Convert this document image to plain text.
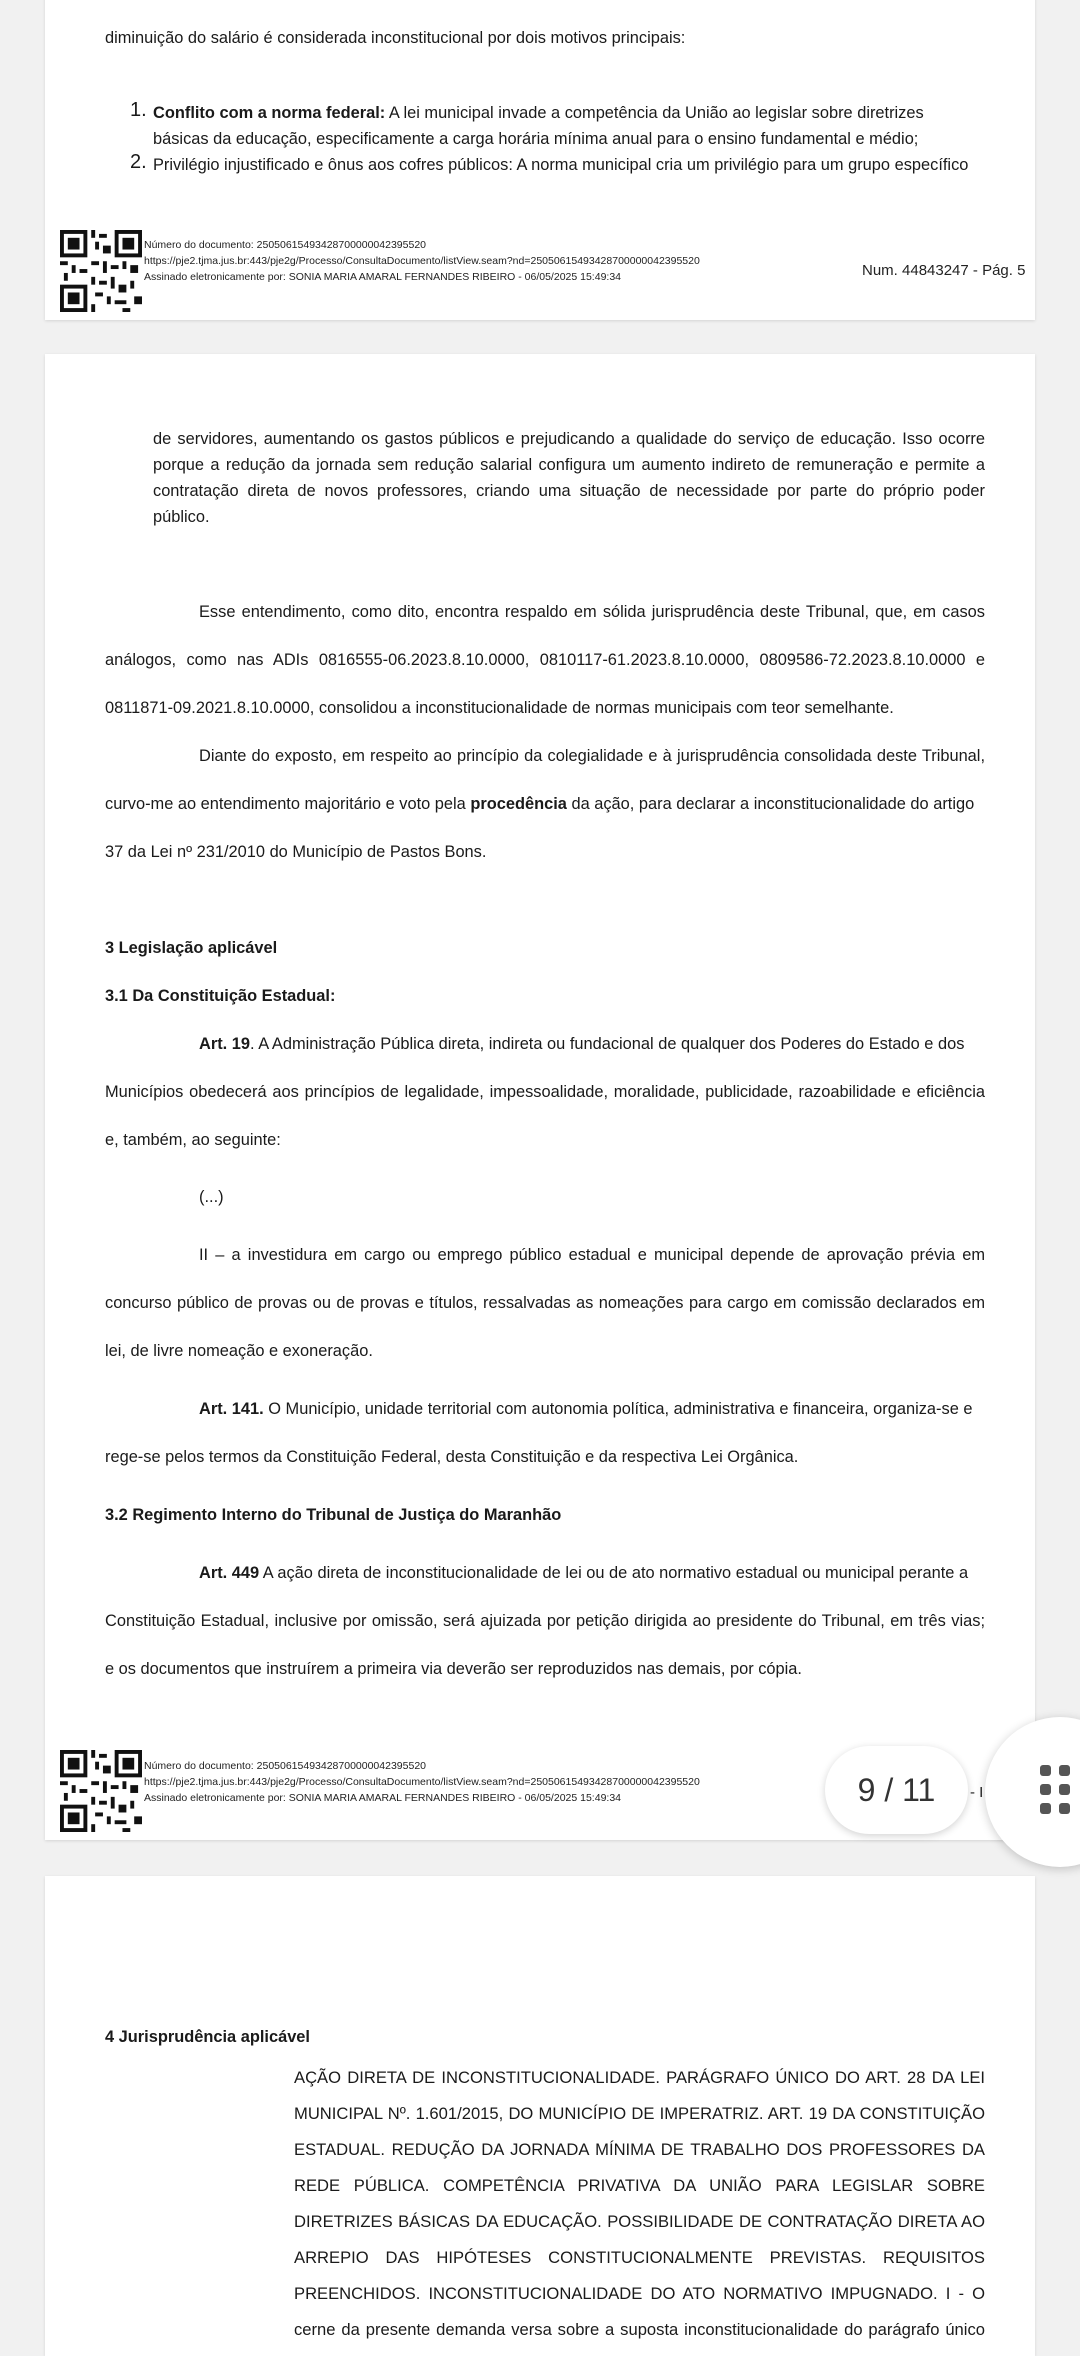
diminuição do salário é considerada inconstitucional por dois motivos principais:
1. Conflito com a norma federal: A lei municipal invade a competência da União ao legislar sobre diretrizes
básicas da educação, especificamente a carga horária mínima anual para o ensino fundamental e médio;
2. Privilégio injustificado e ônus aos cofres públicos: A norma municipal cria um privilégio para um grupo específico
Número do documento: 25050615493428700000042395520
https://pje2.tjma.jus.br:443/pje2g/Processo/ConsultaDocumento/listView.seam?nd=25050615493428700000042395520
Assinado eletronicamente por: SONIA MARIA AMARAL FERNANDES RIBEIRO - 06/05/2025 15:49:34	Num. 44843247 - Pág. 5
de servidores, aumentando os gastos públicos e prejudicando a qualidade do serviço de educação. Isso ocorre
porque a redução da jornada sem redução salarial configura um aumento indireto de remuneração e permite a
contratação direta de novos professores, criando uma situação de necessidade por parte do próprio poder
público.
Esse entendimento, como dito, encontra respaldo em sólida jurisprudência deste Tribunal, que, em casos
análogos, como nas ADIs 0816555-06.2023.8.10.0000, 0810117-61.2023.8.10.0000, 0809586-72.2023.8.10.0000 e
0811871-09.2021.8.10.0000, consolidou a inconstitucionalidade de normas municipais com teor semelhante.
Diante do exposto, em respeito ao princípio da colegialidade e à jurisprudência consolidada deste Tribunal,
curvo-me ao entendimento majoritário e voto pela procedência da ação, para declarar a inconstitucionalidade do artigo
37 da Lei nº 231/2010 do Município de Pastos Bons.
3 Legislação aplicável
3.1 Da Constituição Estadual:
Art. 19. A Administração Pública direta, indireta ou fundacional de qualquer dos Poderes do Estado e dos
Municípios obedecerá aos princípios de legalidade, impessoalidade, moralidade, publicidade, razoabilidade e eficiência
e, também, ao seguinte:
(...)
II – a investidura em cargo ou emprego público estadual e municipal depende de aprovação prévia em
concurso público de provas ou de provas e títulos, ressalvadas as nomeações para cargo em comissão declarados em
lei, de livre nomeação e exoneração.
Art. 141. O Município, unidade territorial com autonomia política, administrativa e financeira, organiza-se e
rege-se pelos termos da Constituição Federal, desta Constituição e da respectiva Lei Orgânica.
3.2 Regimento Interno do Tribunal de Justiça do Maranhão
Art. 449 A ação direta de inconstitucionalidade de lei ou de ato normativo estadual ou municipal perante a
Constituição Estadual, inclusive por omissão, será ajuizada por petição dirigida ao presidente do Tribunal, em três vias;
e os documentos que instruírem a primeira via deverão ser reproduzidos nas demais, por cópia.
Número do documento: 25050615493428700000042395520
https://pje2.tjma.jus.br:443/pje2g/Processo/ConsultaDocumento/listView.seam?nd=25050615493428700000042395520
Assinado eletronicamente por: SONIA MARIA AMARAL FERNANDES RIBEIRO - 06/05/2025 15:49:34	- I
4 Jurisprudência aplicável
AÇÃO DIRETA DE INCONSTITUCIONALIDADE. PARÁGRAFO ÚNICO DO ART. 28 DA LEI
MUNICIPAL Nº. 1.601/2015, DO MUNICÍPIO DE IMPERATRIZ. ART. 19 DA CONSTITUIÇÃO
ESTADUAL. REDUÇÃO DA JORNADA MÍNIMA DE TRABALHO DOS PROFESSORES DA
REDE PÚBLICA. COMPETÊNCIA PRIVATIVA DA UNIÃO PARA LEGISLAR SOBRE
DIRETRIZES BÁSICAS DA EDUCAÇÃO. POSSIBILIDADE DE CONTRATAÇÃO DIRETA AO
ARREPIO DAS HIPÓTESES CONSTITUCIONALMENTE PREVISTAS. REQUISITOS
PREENCHIDOS. INCONSTITUCIONALIDADE DO ATO NORMATIVO IMPUGNADO. I - O
cerne da presente demanda versa sobre a suposta inconstitucionalidade do parágrafo único
9 / 11
